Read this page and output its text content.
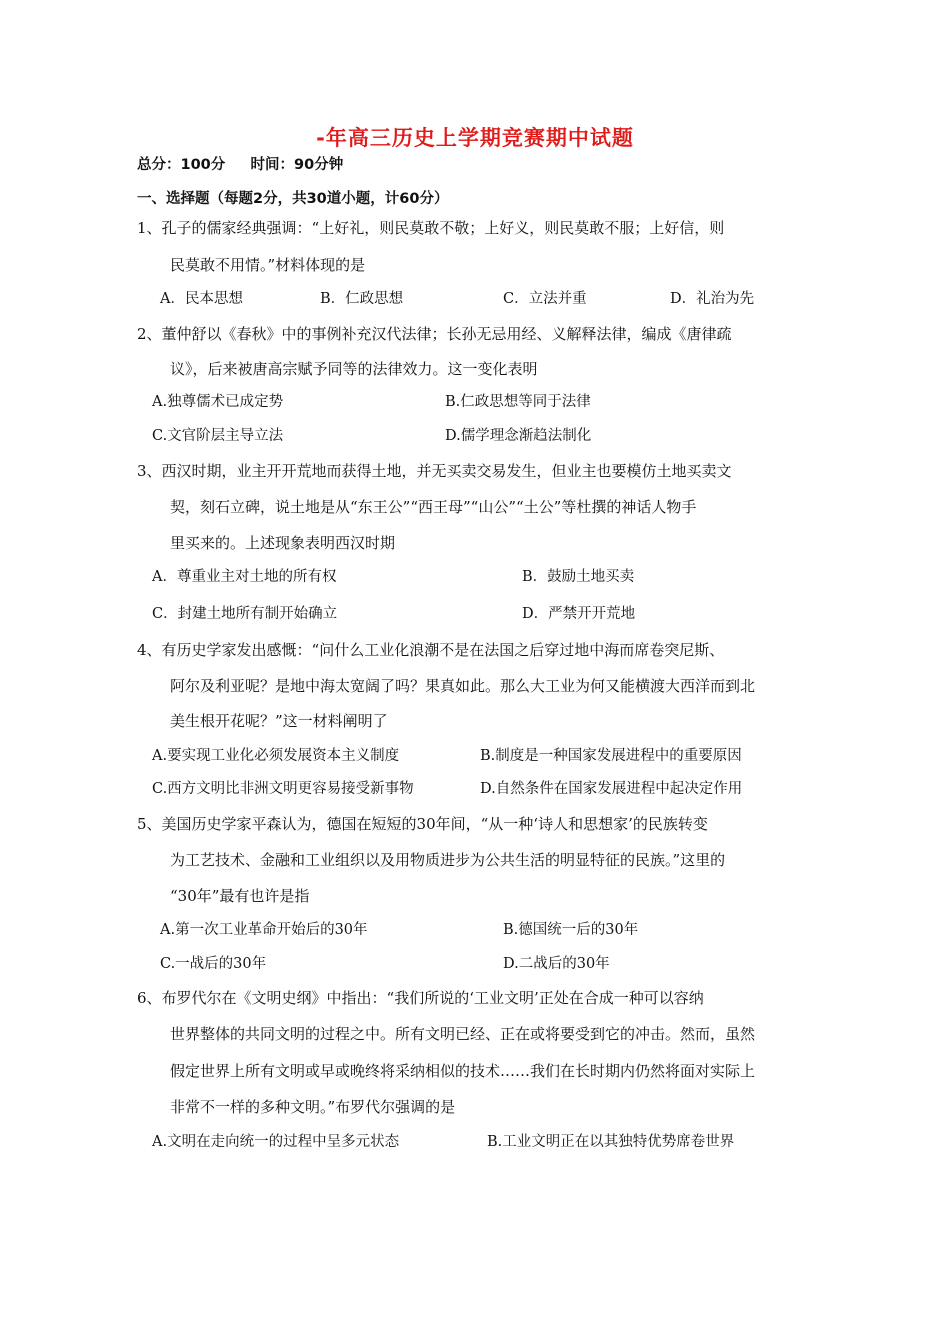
-年高三历史上学期竞赛期中试题
总分：100分 时间：90分钟
一、选择题（每题2分，共30道小题，计60分）
1、孔子的儒家经典强调：“上好礼，则民莫敢不敬；上好义，则民莫敢不服；上好信，则
民莫敢不用情。”材料体现的是
A．民本思想	B．仁政思想	C．立法并重	D．礼治为先
2、董仲舒以《春秋》中的事例补充汉代法律；长孙无忌用经、义解释法律，编成《唐律疏
议》，后来被唐高宗赋予同等的法律效力。这一变化表明
A.独尊儒术已成定势	B.仁政思想等同于法律
C.文官阶层主导立法	D.儒学理念渐趋法制化
3、西汉时期，业主开开荒地而获得土地，并无买卖交易发生，但业主也要模仿土地买卖文
契，刻石立碑，说土地是从“东王公”“西王母”“山公”“土公”等杜撰的神话人物手
里买来的。上述现象表明西汉时期
A．尊重业主对土地的所有权	B．鼓励土地买卖
C．封建土地所有制开始确立	D．严禁开开荒地
4、有历史学家发出感慨：“问什么工业化浪潮不是在法国之后穿过地中海而席卷突尼斯、
阿尔及利亚呢？是地中海太宽阔了吗？果真如此。那么大工业为何又能横渡大西洋而到北
美生根开花呢？”这一材料阐明了
A.要实现工业化必须发展资本主义制度	B.制度是一种国家发展进程中的重要原因
C.西方文明比非洲文明更容易接受新事物	D.自然条件在国家发展进程中起决定作用
5、美国历史学家平森认为，德国在短短的30年间，“从一种‘诗人和思想家’的民族转变
为工艺技术、金融和工业组织以及用物质进步为公共生活的明显特征的民族。”这里的
“30年”最有也许是指
A.第一次工业革命开始后的30年	B.德国统一后的30年
C.一战后的30年	D.二战后的30年
6、布罗代尔在《文明史纲》中指出：“我们所说的‘工业文明’正处在合成一种可以容纳
世界整体的共同文明的过程之中。所有文明已经、正在或将要受到它的冲击。然而，虽然
假定世界上所有文明或早或晚终将采纳相似的技术……我们在长时期内仍然将面对实际上
非常不一样的多种文明。”布罗代尔强调的是
A.文明在走向统一的过程中呈多元状态	B.工业文明正在以其独特优势席卷世界
